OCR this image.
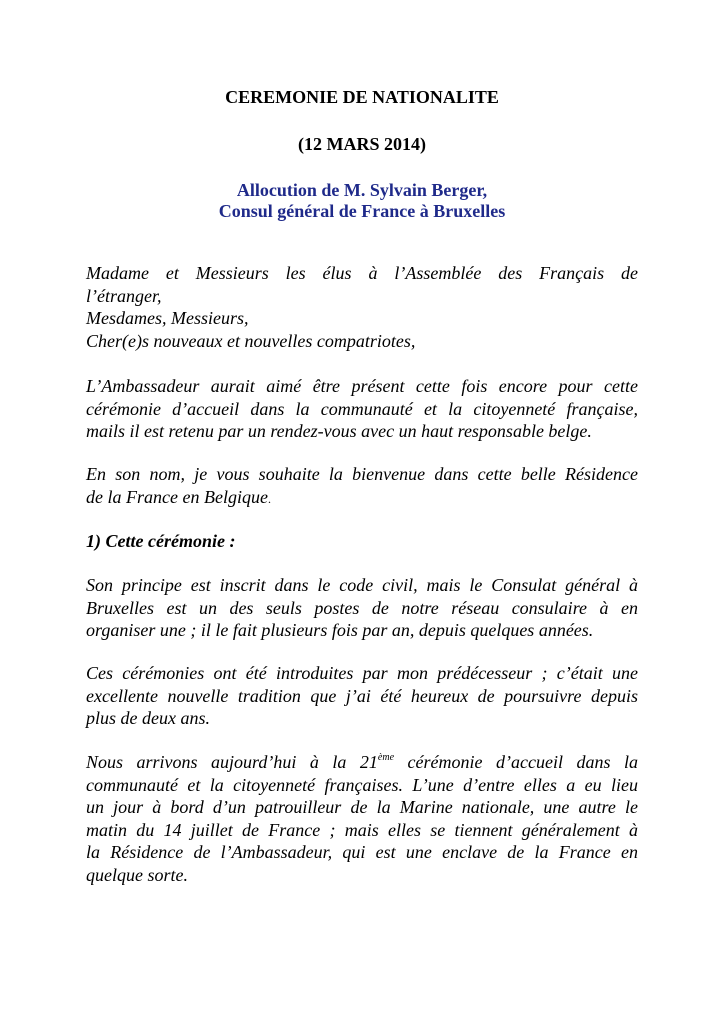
CEREMONIE DE NATIONALITE

(12 MARS 2014)

Allocution de M. Sylvain Berger,

Consul général de France à Bruxelles

Madame et Messieurs les élus à l’Assemblée des Français de
l’étranger,
Mesdames, Messieurs,
Cher(e)s nouveaux et nouvelles compatriotes,
L’Ambassadeur aurait aimé être présent cette fois encore pour cette
cérémonie d’accueil dans la communauté et la citoyenneté française,
mails il est retenu par un rendez-vous avec un haut responsable belge.
En son nom, je vous souhaite la bienvenue dans cette belle Résidence
de la France en Belgique.

1) Cette cérémonie :

Son principe est inscrit dans le code civil, mais le Consulat général à
Bruxelles est un des seuls postes de notre réseau consulaire à en
organiser une ; il le fait plusieurs fois par an, depuis quelques années.
Ces cérémonies ont été introduites par mon prédécesseur ; c’était une
excellente nouvelle tradition que j’ai été heureux de poursuivre depuis
plus de deux ans.
Nous arrivons aujourd’hui à la 21ème cérémonie d’accueil dans la
communauté et la citoyenneté françaises. L’une d’entre elles a eu lieu
un jour à bord d’un patrouilleur de la Marine nationale, une autre le
matin du 14 juillet de France ; mais elles se tiennent généralement à
la Résidence de l’Ambassadeur, qui est une enclave de la France en
quelque sorte.
